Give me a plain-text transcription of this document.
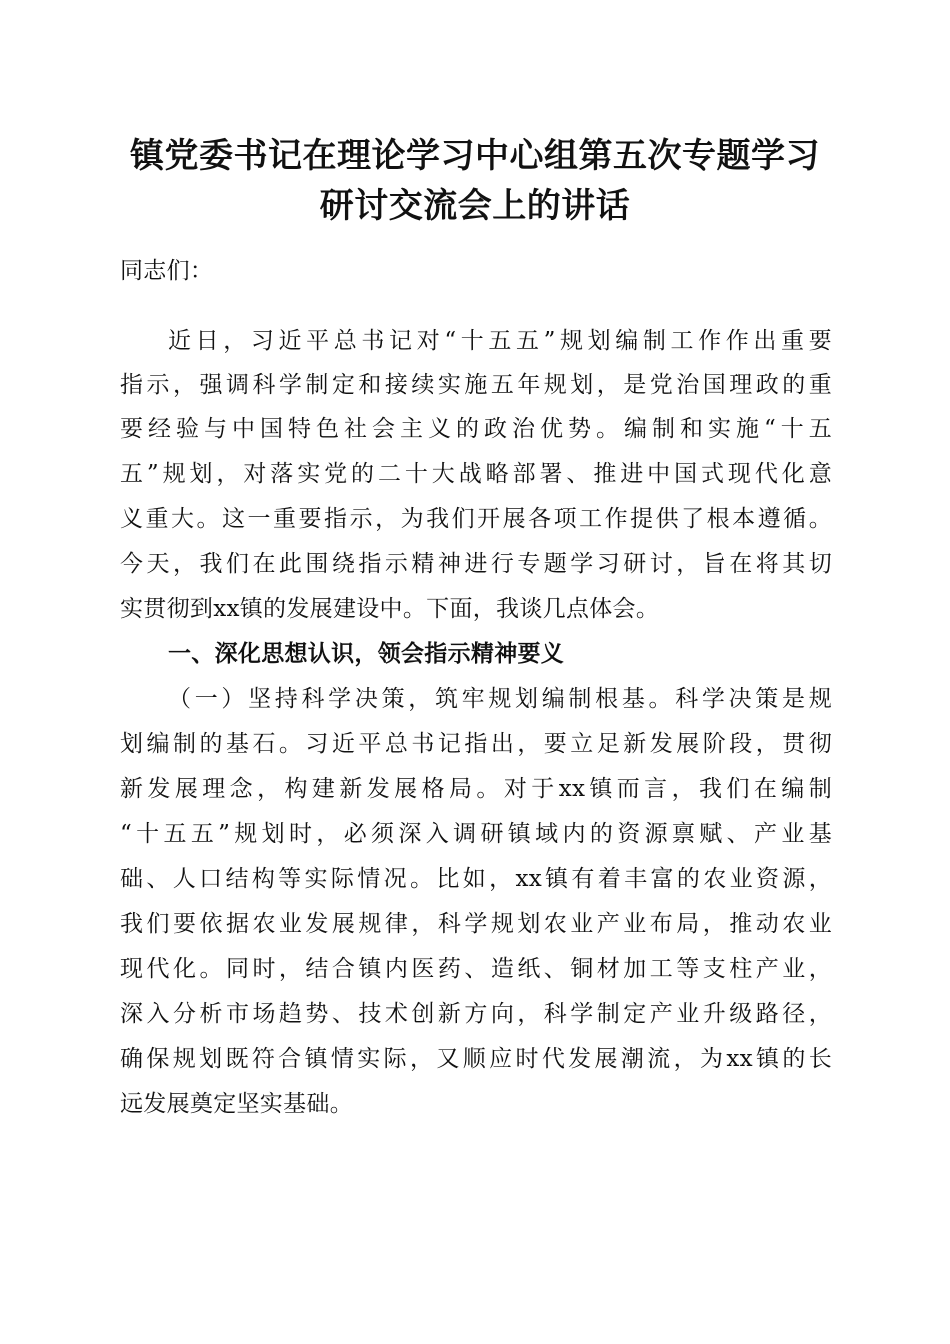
镇党委书记在理论学习中心组第五次专题学习
研讨交流会上的讲话
同志们：
近日，习近平总书记对“十五五”规划编制工作作出重要
指示，强调科学制定和接续实施五年规划，是党治国理政的重
要经验与中国特色社会主义的政治优势。编制和实施“十五
五”规划，对落实党的二十大战略部署、推进中国式现代化意
义重大。这一重要指示，为我们开展各项工作提供了根本遵循。
今天，我们在此围绕指示精神进行专题学习研讨，旨在将其切
实贯彻到xx镇的发展建设中。下面，我谈几点体会。
一、深化思想认识，领会指示精神要义
（一）坚持科学决策，筑牢规划编制根基。科学决策是规
划编制的基石。习近平总书记指出，要立足新发展阶段，贯彻
新发展理念，构建新发展格局。对于xx镇而言，我们在编制
“十五五”规划时，必须深入调研镇域内的资源禀赋、产业基
础、人口结构等实际情况。比如，xx镇有着丰富的农业资源，
我们要依据农业发展规律，科学规划农业产业布局，推动农业
现代化。同时，结合镇内医药、造纸、铜材加工等支柱产业，
深入分析市场趋势、技术创新方向，科学制定产业升级路径，
确保规划既符合镇情实际，又顺应时代发展潮流，为xx镇的长
远发展奠定坚实基础。
